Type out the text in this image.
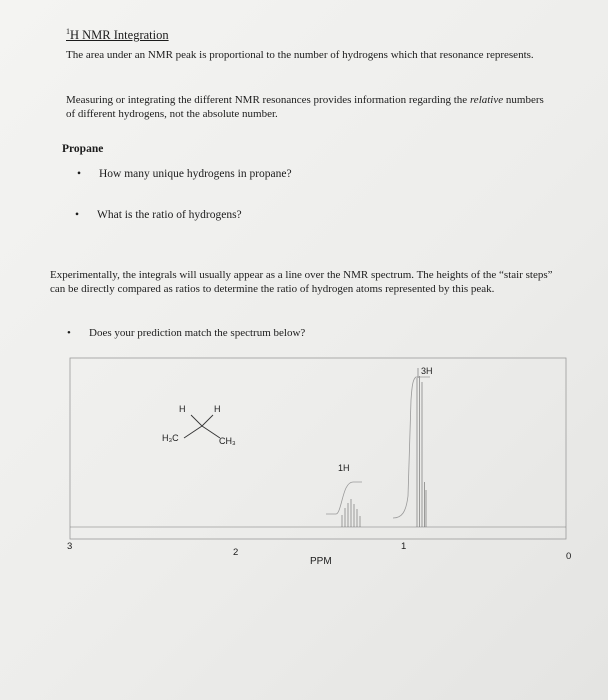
$^1$H NMR Integration
The area under an NMR peak is proportional to the number of hydrogens which that resonance represents.
Measuring or integrating the different NMR resonances provides information regarding the relative numbers of different hydrogens, not the absolute number.
Propane
• How many unique hydrogens in propane?
• What is the ratio of hydrogens?
Experimentally, the integrals will usually appear as a line over the NMR spectrum. The heights of the “stair steps” can be directly compared as ratios to determine the ratio of hydrogen atoms represented by this peak.
• Does your prediction match the spectrum below?
H	H
H₃C	CH₃
3H
1H
3
2
1
0
PPM
